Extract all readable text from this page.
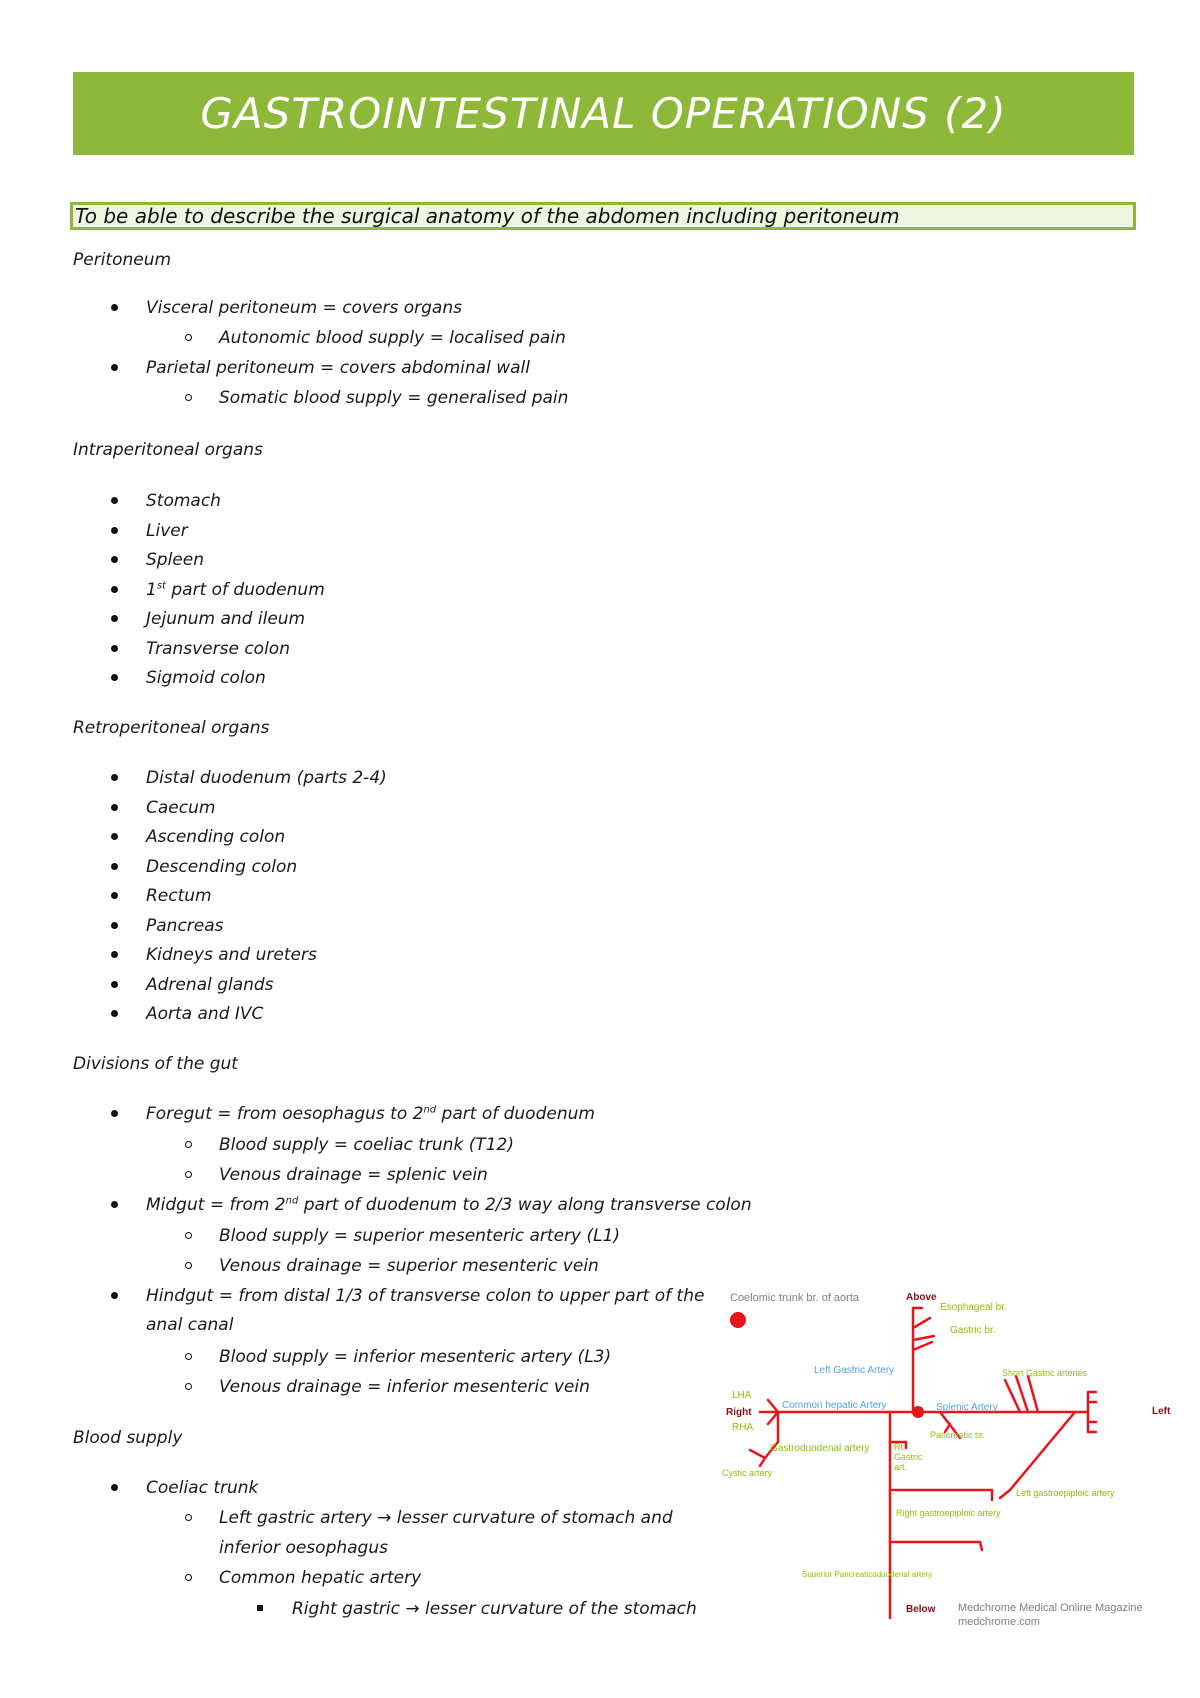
GASTROINTESTINAL OPERATIONS (2)
To be able to describe the surgical anatomy of the abdomen including peritoneum
Peritoneum
Visceral peritoneum = covers organs
Autonomic blood supply = localised pain
Parietal peritoneum = covers abdominal wall
Somatic blood supply = generalised pain
Intraperitoneal organs
Stomach
Liver
Spleen
1st part of duodenum
Jejunum and ileum
Transverse colon
Sigmoid colon
Retroperitoneal organs
Distal duodenum (parts 2-4)
Caecum
Ascending colon
Descending colon
Rectum
Pancreas
Kidneys and ureters
Adrenal glands
Aorta and IVC
Divisions of the gut
Foregut = from oesophagus to 2nd part of duodenum
Blood supply = coeliac trunk (T12)
Venous drainage = splenic vein
Midgut = from 2nd part of duodenum to 2/3 way along transverse colon
Blood supply = superior mesenteric artery (L1)
Venous drainage = superior mesenteric vein
Hindgut = from distal 1/3 of transverse colon to upper part of the
anal canal
Blood supply = inferior mesenteric artery (L3)
Venous drainage = inferior mesenteric vein
Blood supply
Coeliac trunk
Left gastric artery → lesser curvature of stomach and
inferior oesophagus
Common hepatic artery
Right gastric → lesser curvature of the stomach
Coelomic trunk br. of aorta	Above
Esophageal br.
Gastric br.
Left Gastric Artery	Short Gastric arteries
LHA
Right
RHA
Common hepatic Artery	Splenic Artery	Left
Pancreatic br.
Gastroduodenal artery	Rt.
Gastric
art.
Cystic artery
Left gastroepiploic artery
Right gastroepiploic artery
Superior Pancreaticoduodenal artery
Below Medchrome Medical Online Magazine
medchrome.com
